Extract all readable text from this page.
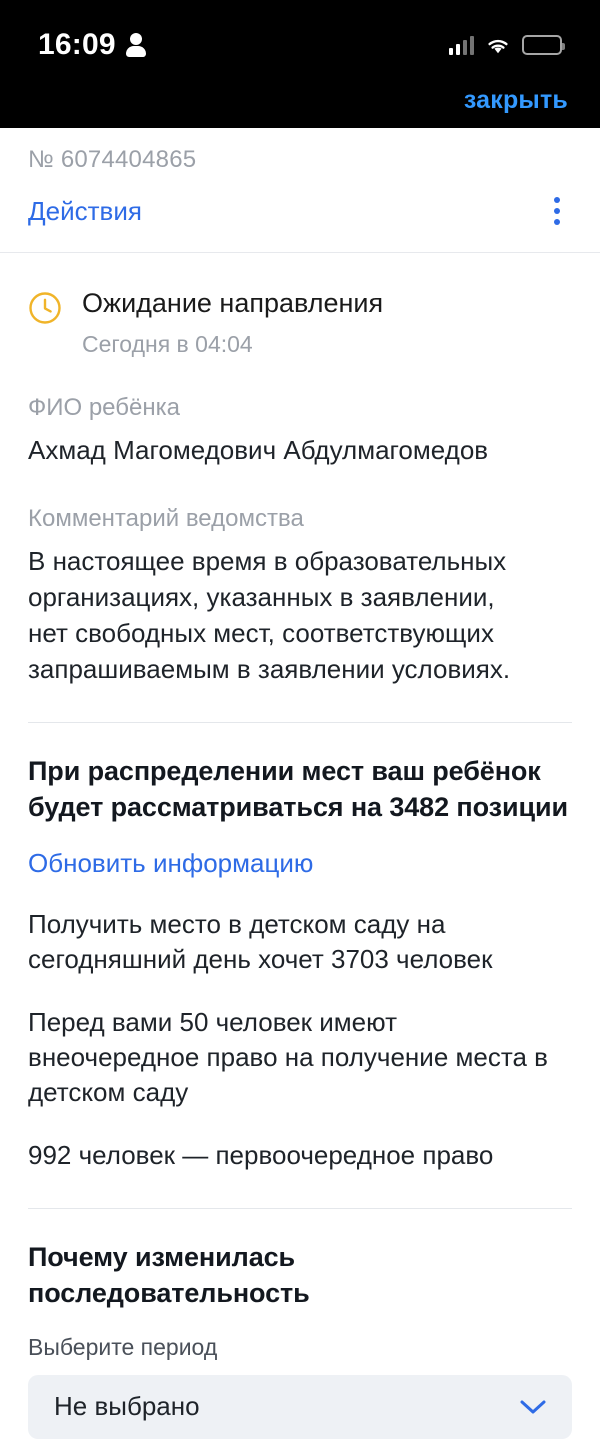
16:09
закрыть
№ 6074404865
Действия
Ожидание направления
Сегодня в 04:04
ФИО ребёнка
Ахмад Магомедович Абдулмагомедов
Комментарий ведомства
В настоящее время в образовательных организациях, указанных в заявлении, нет свободных мест, соответствующих запрашиваемым в заявлении условиях.
При распределении мест ваш ребёнок будет рассматриваться на 3482 позиции
Обновить информацию
Получить место в детском саду на сегодняшний день хочет 3703 человек
Перед вами 50 человек имеют внеочередное право на получение места в детском саду
992 человек — первоочередное право
Почему изменилась последовательность
Выберите период
Не выбрано
